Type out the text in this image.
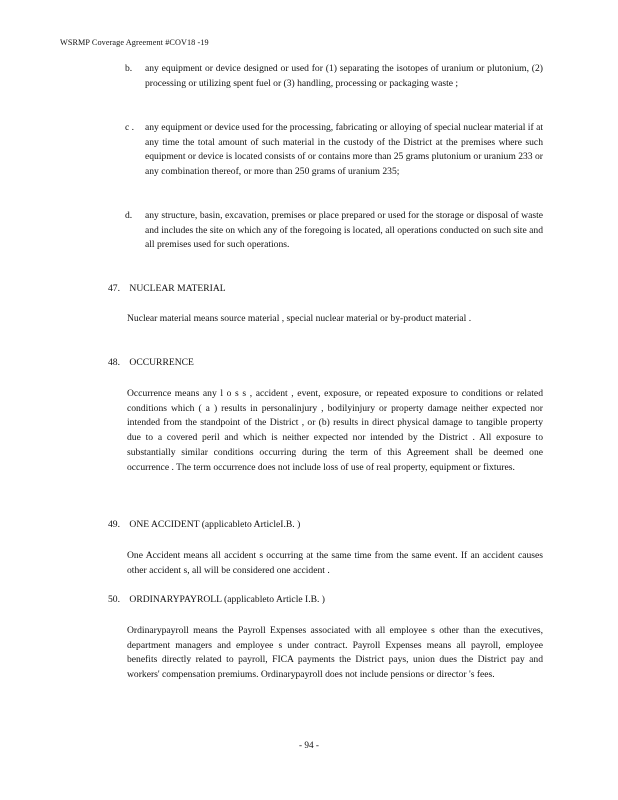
WSRMP Coverage Agreement #COV18 -19
b.	any equipment or device designed or used for (1) separating the isotopes of uranium or plutonium, (2) processing or utilizing spent fuel or (3) handling, processing or packaging waste ;
c .	any equipment or device used for the processing, fabricating or alloying of special nuclear material if at any time the total amount of such material in the custody of the District at the premises where such equipment or device is located consists of or contains more than 25 grams plutonium or uranium 233 or any combination thereof, or more than 250 grams of uranium 235;
d.	any structure, basin, excavation, premises or place prepared or used for the storage or disposal of waste and includes the site on which any of the foregoing is located, all operations conducted on such site and all premises used for such operations.
47. NUCLEAR MATERIAL
Nuclear material means source material , special nuclear material or by-product material .
48. OCCURRENCE
Occurrence means any l o s s , accident , event, exposure, or repeated exposure to conditions or related conditions which ( a ) results in personalinjury , bodilyinjury or property damage neither expected nor intended from the standpoint of the District , or (b) results in direct physical damage to tangible property due to a covered peril and which is neither expected nor intended by the District . All exposure to substantially similar conditions occurring during the term of this Agreement shall be deemed one occurrence . The term occurrence does not include loss of use of real property, equipment or fixtures.
49. ONE ACCIDENT (applicableto ArticleI.B. )
One Accident means all accident s occurring at the same time from the same event. If an accident causes other accident s, all will be considered one accident .
50. ORDINARYPAYROLL (applicableto Article I.B. )
Ordinarypayroll means the Payroll Expenses associated with all employee s other than the executives, department managers and employee s under contract. Payroll Expenses means all payroll, employee benefits directly related to payroll, FICA payments the District pays, union dues the District pay and workers' compensation premiums. Ordinarypayroll does not include pensions or director 's fees.
- 94 -
